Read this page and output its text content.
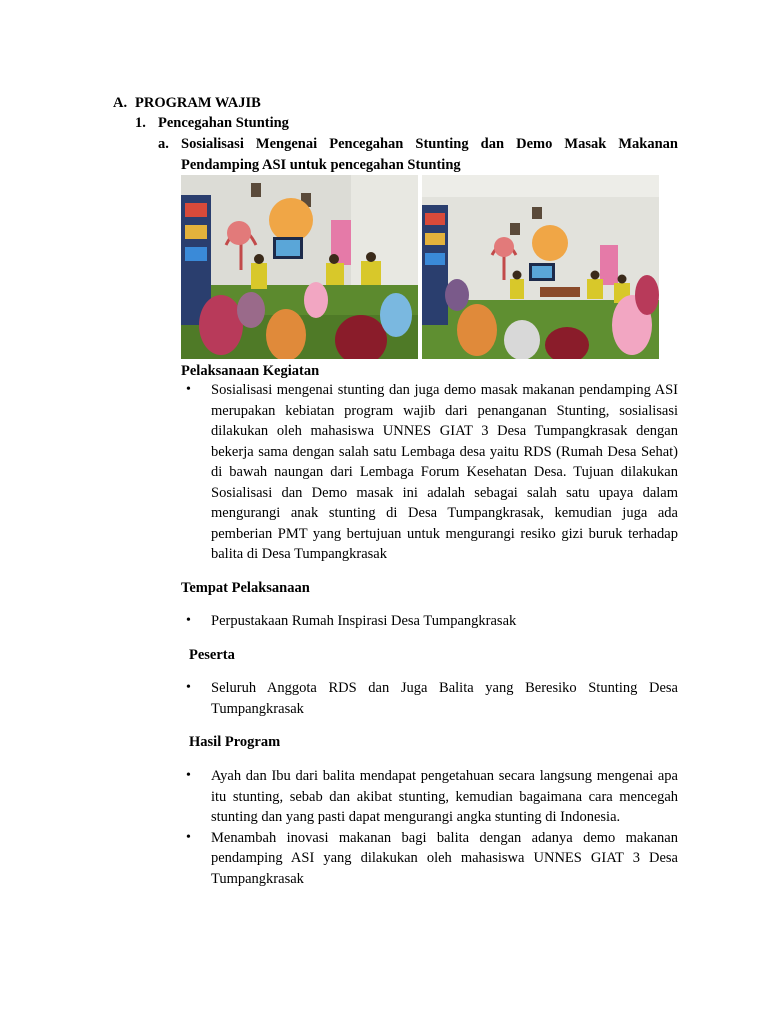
A. PROGRAM WAJIB
1. Pencegahan Stunting
a. Sosialisasi Mengenai Pencegahan Stunting dan Demo Masak Makanan Pendamping ASI untuk pencegahan Stunting
Pelaksanaan Kegiatan
• Sosialisasi mengenai stunting dan juga demo masak makanan pendamping ASI merupakan kebiatan program wajib dari penanganan Stunting, sosialisasi dilakukan oleh mahasiswa UNNES GIAT 3 Desa Tumpangkrasak dengan bekerja sama dengan salah satu Lembaga desa yaitu RDS (Rumah Desa Sehat) di bawah naungan dari Lembaga Forum Kesehatan Desa. Tujuan dilakukan Sosialisasi dan Demo masak ini adalah sebagai salah satu upaya dalam mengurangi anak stunting di Desa Tumpangkrasak, kemudian juga ada pemberian PMT yang bertujuan untuk mengurangi resiko gizi buruk terhadap balita di Desa Tumpangkrasak
Tempat Pelaksanaan
• Perpustakaan Rumah Inspirasi Desa Tumpangkrasak
Peserta
• Seluruh Anggota RDS dan Juga Balita yang Beresiko Stunting Desa Tumpangkrasak
Hasil Program
• Ayah dan Ibu dari balita mendapat pengetahuan secara langsung mengenai apa itu stunting, sebab dan akibat stunting, kemudian bagaimana cara mencegah stunting dan yang pasti dapat mengurangi angka stunting di Indonesia.
• Menambah inovasi makanan bagi balita dengan adanya demo makanan pendamping ASI yang dilakukan oleh mahasiswa UNNES GIAT 3 Desa Tumpangkrasak
